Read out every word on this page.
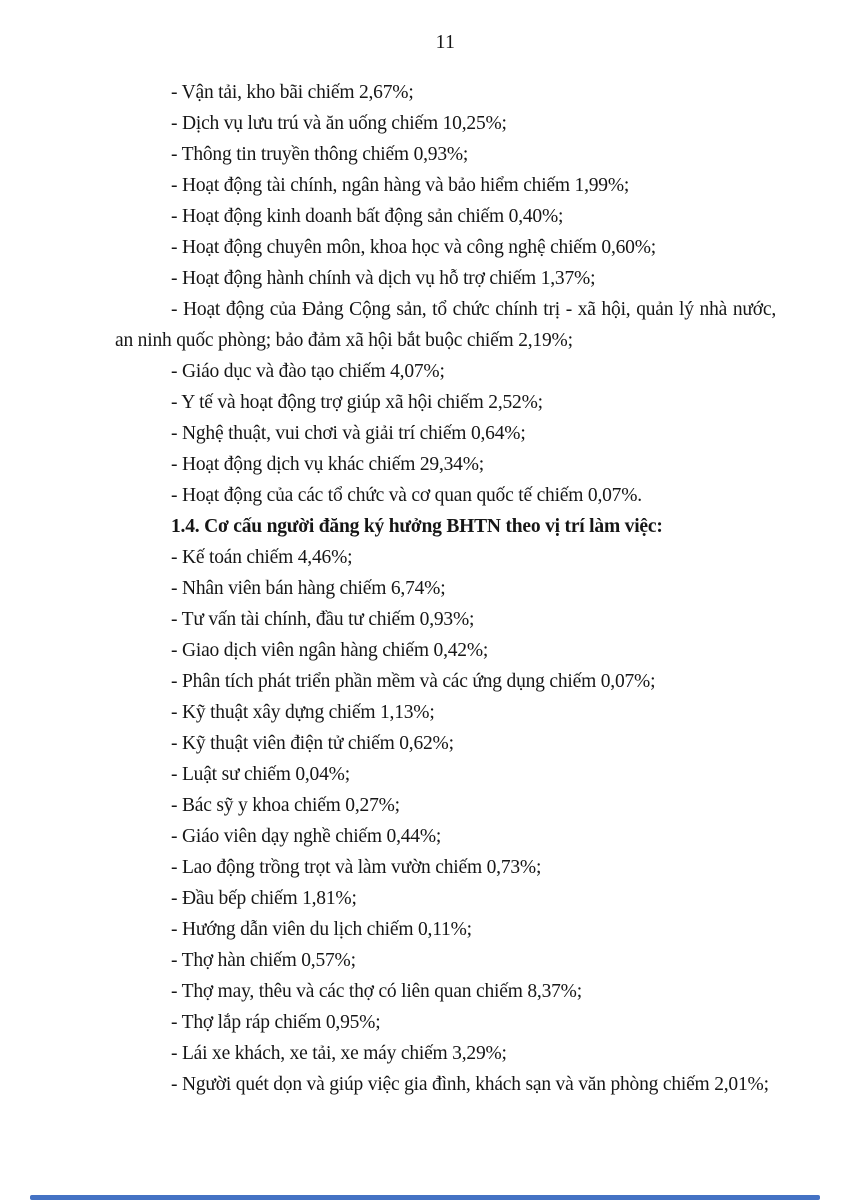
11

- Vận tải, kho bãi chiếm 2,67%;

- Dịch vụ lưu trú và ăn uống chiếm 10,25%;

- Thông tin truyền thông chiếm 0,93%;

- Hoạt động tài chính, ngân hàng và bảo hiểm chiếm 1,99%;

- Hoạt động kinh doanh bất động sản chiếm 0,40%;

- Hoạt động chuyên môn, khoa học và công nghệ chiếm 0,60%;

- Hoạt động hành chính và dịch vụ hỗ trợ chiếm 1,37%;

- Hoạt động của Đảng Cộng sản, tổ chức chính trị - xã hội, quản lý nhà nước, an ninh quốc phòng; bảo đảm xã hội bắt buộc chiếm 2,19%;

- Giáo dục và đào tạo chiếm 4,07%;

- Y tế và hoạt động trợ giúp xã hội chiếm 2,52%;

- Nghệ thuật, vui chơi và giải trí chiếm 0,64%;

- Hoạt động dịch vụ khác chiếm 29,34%;

- Hoạt động của các tổ chức và cơ quan quốc tế chiếm 0,07%.

1.4. Cơ cấu người đăng ký hưởng BHTN theo vị trí làm việc:

- Kế toán chiếm 4,46%;

- Nhân viên bán hàng chiếm 6,74%;

- Tư vấn tài chính, đầu tư chiếm 0,93%;

- Giao dịch viên ngân hàng chiếm 0,42%;

- Phân tích phát triển phần mềm và các ứng dụng chiếm 0,07%;

- Kỹ thuật xây dựng chiếm 1,13%;

- Kỹ thuật viên điện tử chiếm 0,62%;

- Luật sư chiếm 0,04%;

- Bác sỹ y khoa chiếm 0,27%;

- Giáo viên dạy nghề chiếm 0,44%;

- Lao động trồng trọt và làm vườn chiếm 0,73%;

- Đầu bếp chiếm 1,81%;

- Hướng dẫn viên du lịch chiếm 0,11%;

- Thợ hàn chiếm 0,57%;

- Thợ may, thêu và các thợ có liên quan chiếm 8,37%;

- Thợ lắp ráp chiếm 0,95%;

- Lái xe khách, xe tải, xe máy chiếm 3,29%;

- Người quét dọn và giúp việc gia đình, khách sạn và văn phòng chiếm 2,01%;
